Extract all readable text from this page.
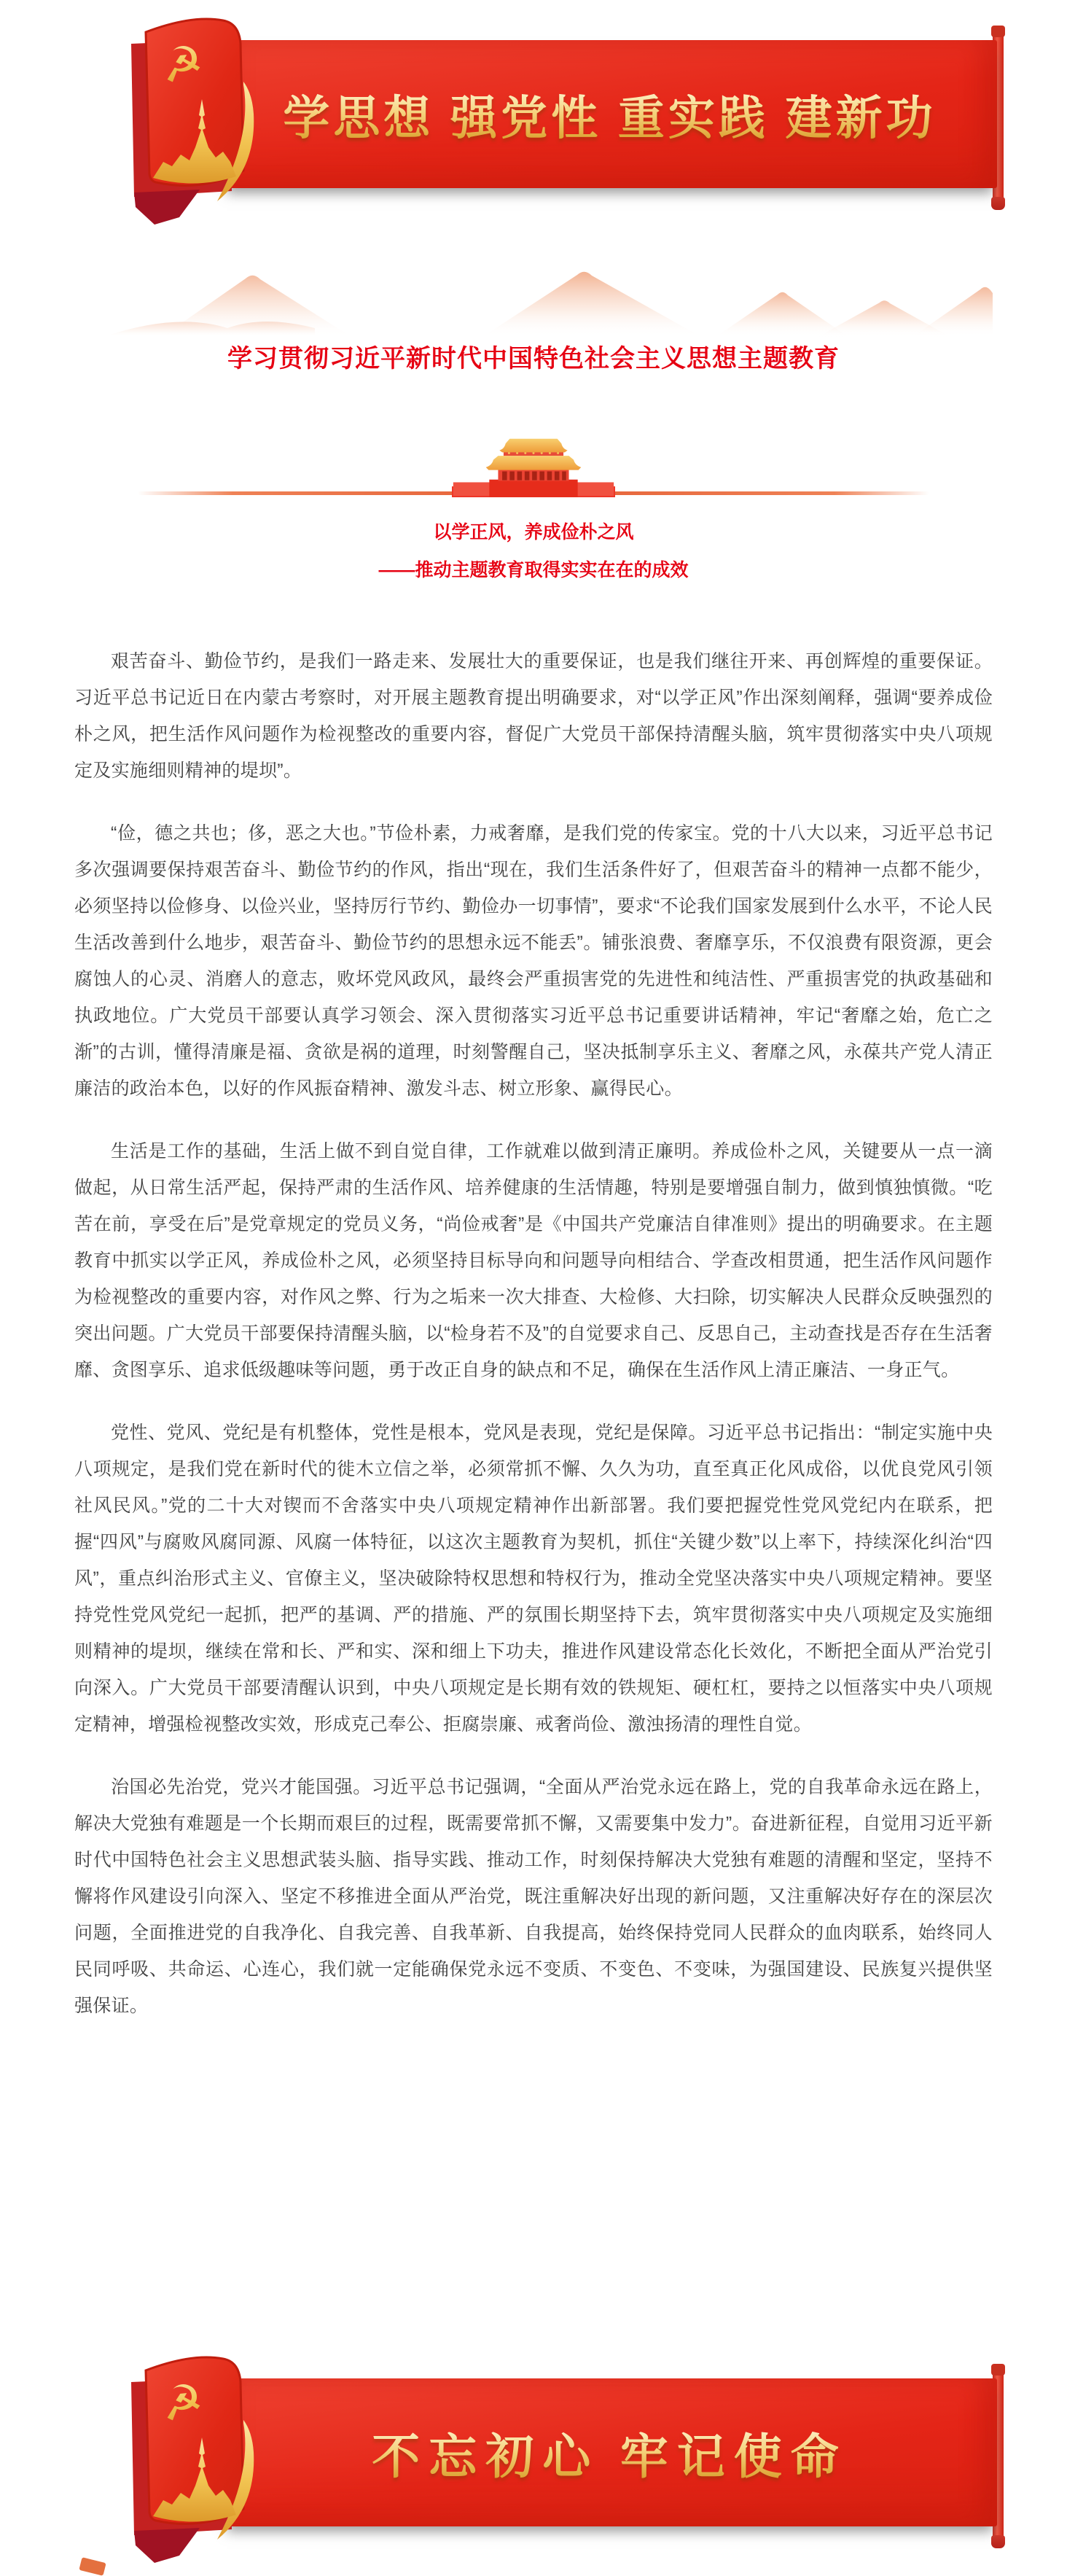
学思想 强党性 重实践 建新功
☭
学习贯彻习近平新时代中国特色社会主义思想主题教育
以学正风，养成俭朴之风
——推动主题教育取得实实在在的成效

艰苦奋斗、勤俭节约，是我们一路走来、发展壮大的重要保证，也是我们继往开来、再创辉煌的重要保证。习近平总书记近日在内蒙古考察时，对开展主题教育提出明确要求，对“以学正风”作出深刻阐释，强调“要养成俭朴之风，把生活作风问题作为检视整改的重要内容，督促广大党员干部保持清醒头脑，筑牢贯彻落实中央八项规定及实施细则精神的堤坝”。

“俭，德之共也；侈，恶之大也。”节俭朴素，力戒奢靡，是我们党的传家宝。党的十八大以来，习近平总书记多次强调要保持艰苦奋斗、勤俭节约的作风，指出“现在，我们生活条件好了，但艰苦奋斗的精神一点都不能少，必须坚持以俭修身、以俭兴业，坚持厉行节约、勤俭办一切事情”，要求“不论我们国家发展到什么水平，不论人民生活改善到什么地步，艰苦奋斗、勤俭节约的思想永远不能丢”。铺张浪费、奢靡享乐，不仅浪费有限资源，更会腐蚀人的心灵、消磨人的意志，败坏党风政风，最终会严重损害党的先进性和纯洁性、严重损害党的执政基础和执政地位。广大党员干部要认真学习领会、深入贯彻落实习近平总书记重要讲话精神，牢记“奢靡之始，危亡之渐”的古训，懂得清廉是福、贪欲是祸的道理，时刻警醒自己，坚决抵制享乐主义、奢靡之风，永葆共产党人清正廉洁的政治本色，以好的作风振奋精神、激发斗志、树立形象、赢得民心。

生活是工作的基础，生活上做不到自觉自律，工作就难以做到清正廉明。养成俭朴之风，关键要从一点一滴做起，从日常生活严起，保持严肃的生活作风、培养健康的生活情趣，特别是要增强自制力，做到慎独慎微。“吃苦在前，享受在后”是党章规定的党员义务，“尚俭戒奢”是《中国共产党廉洁自律准则》提出的明确要求。在主题教育中抓实以学正风，养成俭朴之风，必须坚持目标导向和问题导向相结合、学查改相贯通，把生活作风问题作为检视整改的重要内容，对作风之弊、行为之垢来一次大排查、大检修、大扫除，切实解决人民群众反映强烈的突出问题。广大党员干部要保持清醒头脑，以“检身若不及”的自觉要求自己、反思自己，主动查找是否存在生活奢靡、贪图享乐、追求低级趣味等问题，勇于改正自身的缺点和不足，确保在生活作风上清正廉洁、一身正气。

党性、党风、党纪是有机整体，党性是根本，党风是表现，党纪是保障。习近平总书记指出：“制定实施中央八项规定，是我们党在新时代的徙木立信之举，必须常抓不懈、久久为功，直至真正化风成俗，以优良党风引领社风民风。”党的二十大对锲而不舍落实中央八项规定精神作出新部署。我们要把握党性党风党纪内在联系，把握“四风”与腐败风腐同源、风腐一体特征，以这次主题教育为契机，抓住“关键少数”以上率下，持续深化纠治“四风”，重点纠治形式主义、官僚主义，坚决破除特权思想和特权行为，推动全党坚决落实中央八项规定精神。要坚持党性党风党纪一起抓，把严的基调、严的措施、严的氛围长期坚持下去，筑牢贯彻落实中央八项规定及实施细则精神的堤坝，继续在常和长、严和实、深和细上下功夫，推进作风建设常态化长效化，不断把全面从严治党引向深入。广大党员干部要清醒认识到，中央八项规定是长期有效的铁规矩、硬杠杠，要持之以恒落实中央八项规定精神，增强检视整改实效，形成克己奉公、拒腐崇廉、戒奢尚俭、激浊扬清的理性自觉。

治国必先治党，党兴才能国强。习近平总书记强调，“全面从严治党永远在路上，党的自我革命永远在路上，解决大党独有难题是一个长期而艰巨的过程，既需要常抓不懈，又需要集中发力”。奋进新征程，自觉用习近平新时代中国特色社会主义思想武装头脑、指导实践、推动工作，时刻保持解决大党独有难题的清醒和坚定，坚持不懈将作风建设引向深入、坚定不移推进全面从严治党，既注重解决好出现的新问题，又注重解决好存在的深层次问题，全面推进党的自我净化、自我完善、自我革新、自我提高，始终保持党同人民群众的血肉联系，始终同人民同呼吸、共命运、心连心，我们就一定能确保党永远不变质、不变色、不变味，为强国建设、民族复兴提供坚强保证。

不忘初心 牢记使命
☭
